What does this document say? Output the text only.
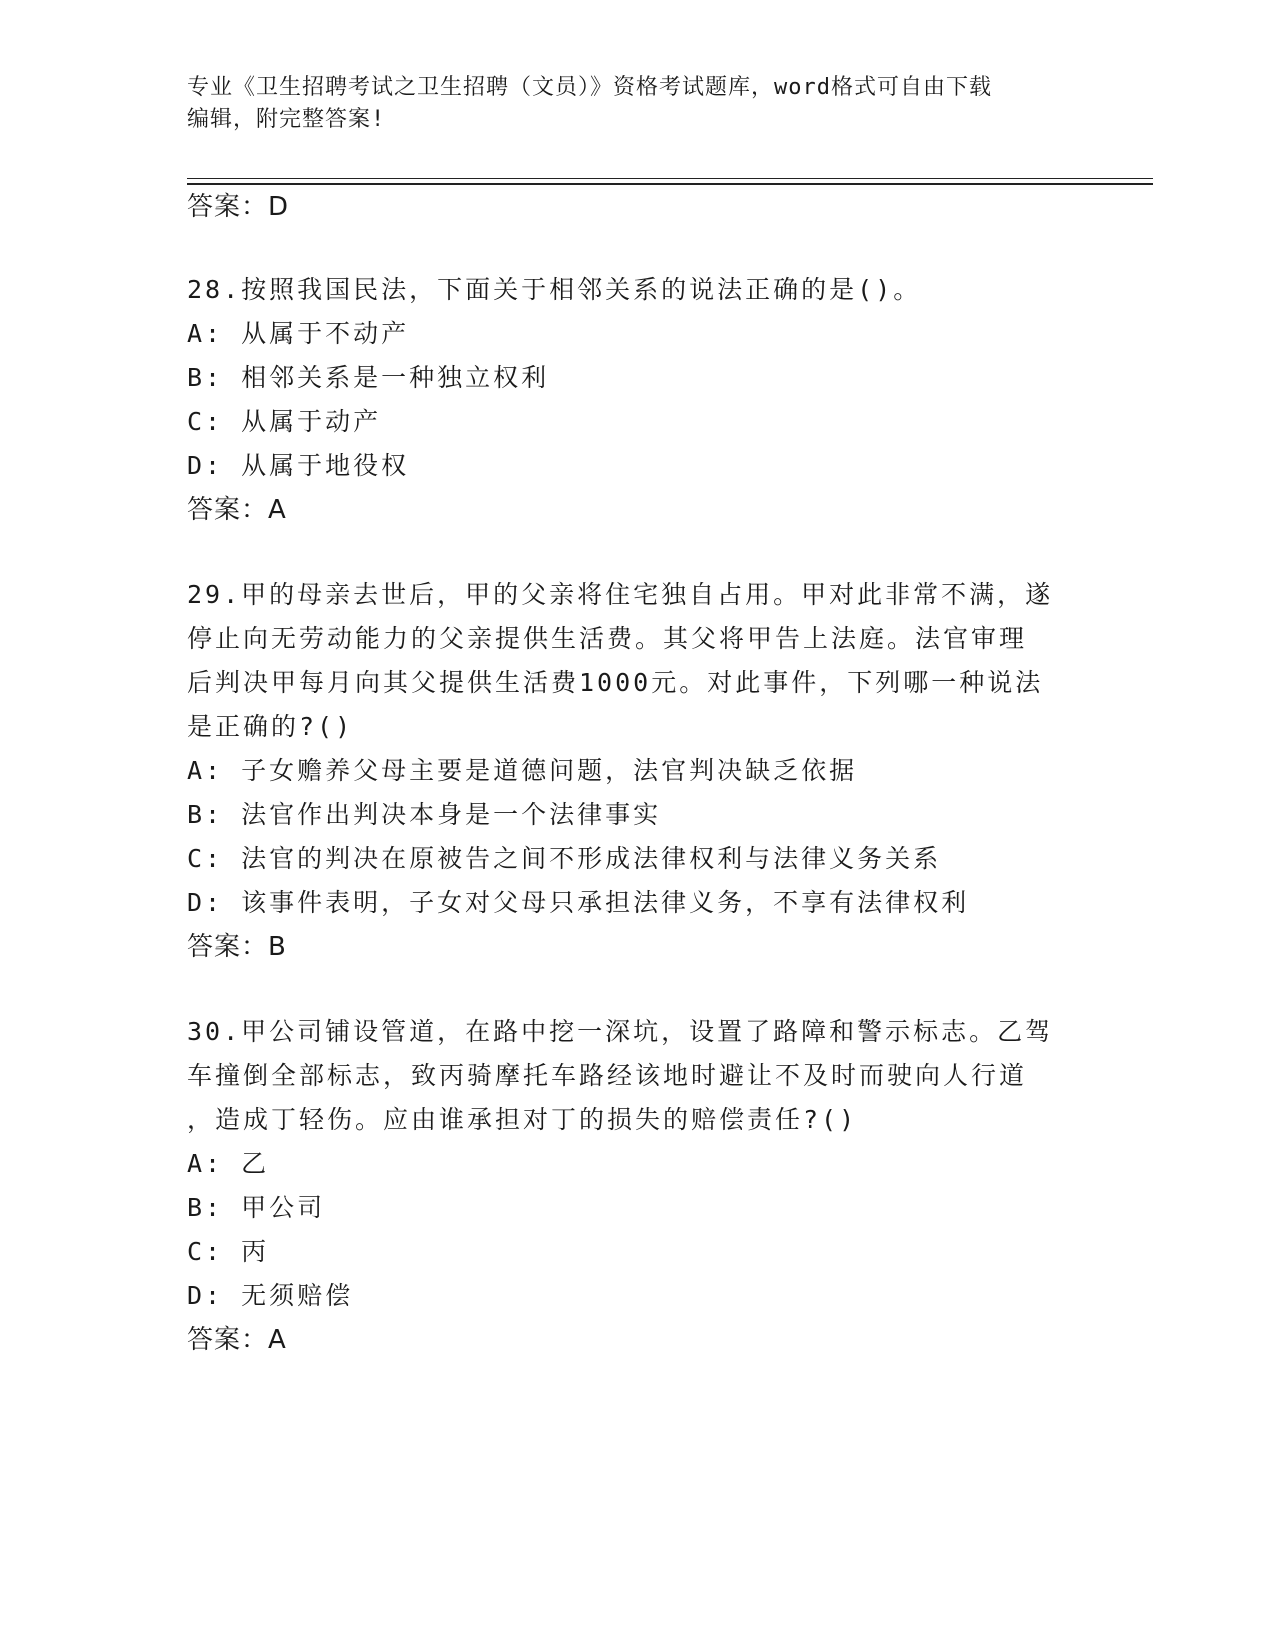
专业《卫生招聘考试之卫生招聘（文员）》资格考试题库，word格式可自由下载
编辑，附完整答案!
答案：D
28.按照我国民法，下面关于相邻关系的说法正确的是()。
A: 从属于不动产
B: 相邻关系是一种独立权利
C: 从属于动产
D: 从属于地役权
答案：A
29.甲的母亲去世后，甲的父亲将住宅独自占用。甲对此非常不满，遂
停止向无劳动能力的父亲提供生活费。其父将甲告上法庭。法官审理
后判决甲每月向其父提供生活费1000元。对此事件，下列哪一种说法
是正确的?()
A: 子女赡养父母主要是道德问题，法官判决缺乏依据
B: 法官作出判决本身是一个法律事实
C: 法官的判决在原被告之间不形成法律权利与法律义务关系
D: 该事件表明，子女对父母只承担法律义务，不享有法律权利
答案：B
30.甲公司铺设管道，在路中挖一深坑，设置了路障和警示标志。乙驾
车撞倒全部标志，致丙骑摩托车路经该地时避让不及时而驶向人行道
，造成丁轻伤。应由谁承担对丁的损失的赔偿责任?()
A: 乙
B: 甲公司
C: 丙
D: 无须赔偿
答案：A
